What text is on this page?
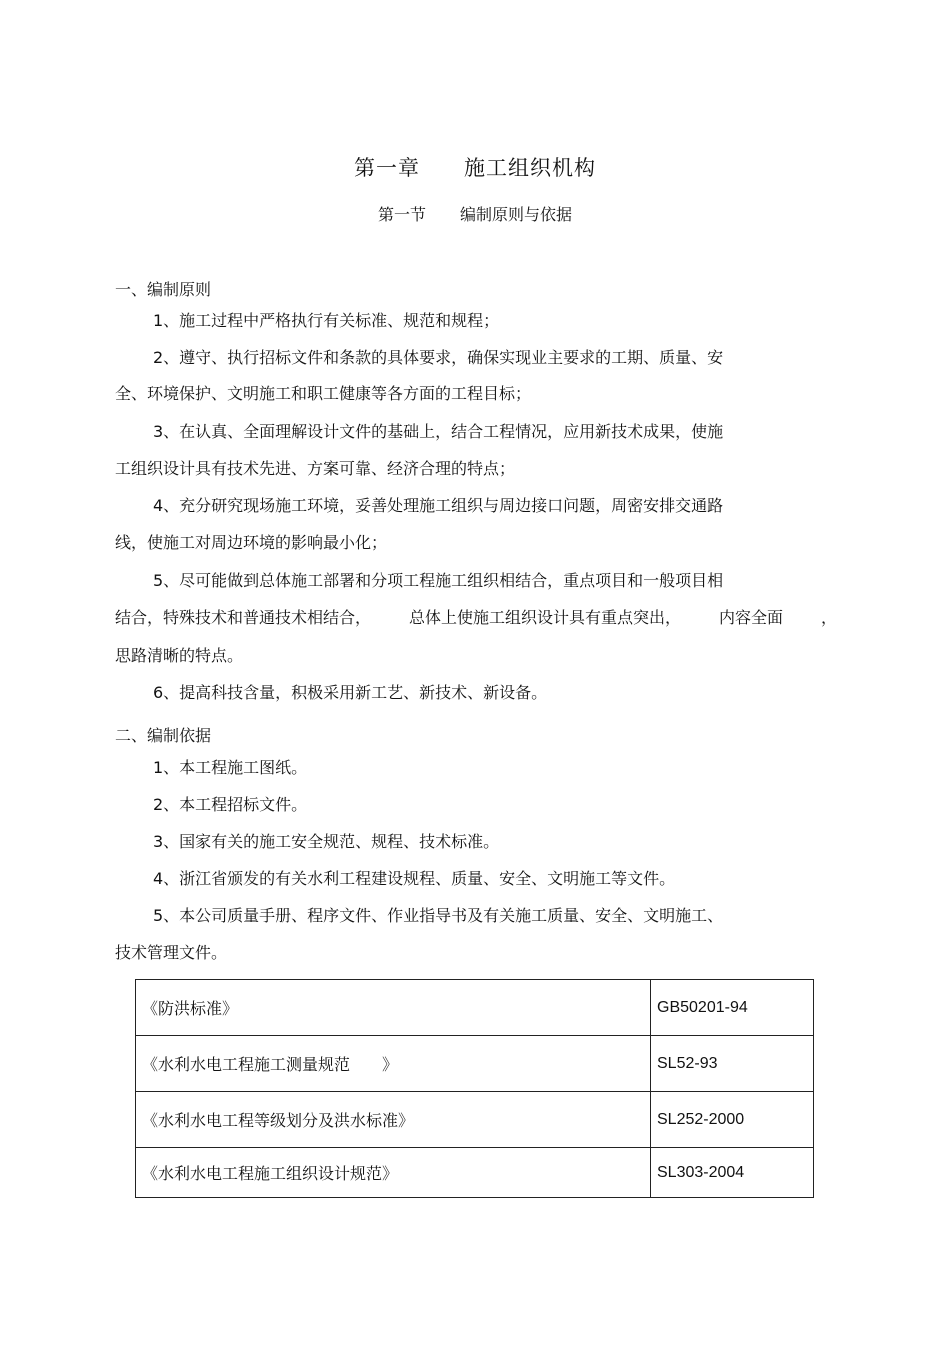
第一章 施工组织机构
第一节 编制原则与依据
一、编制原则
1、施工过程中严格执行有关标准、规范和规程；
2、遵守、执行招标文件和条款的具体要求，确保实现业主要求的工期、质量、安
全、环境保护、文明施工和职工健康等各方面的工程目标；
3、在认真、全面理解设计文件的基础上，结合工程情况，应用新技术成果，使施
工组织设计具有技术先进、方案可靠、经济合理的特点；
4、充分研究现场施工环境，妥善处理施工组织与周边接口问题，周密安排交通路
线，使施工对周边环境的影响最小化；
5、尽可能做到总体施工部署和分项工程施工组织相结合，重点项目和一般项目相
结合，特殊技术和普通技术相结合， 总体上使施工组织设计具有重点突出， 内容全面 ，
思路清晰的特点。
6、提高科技含量，积极采用新工艺、新技术、新设备。
二、编制依据
1、本工程施工图纸。
2、本工程招标文件。
3、国家有关的施工安全规范、规程、技术标准。
4、浙江省颁发的有关水利工程建设规程、质量、安全、文明施工等文件。
5、本公司质量手册、程序文件、作业指导书及有关施工质量、安全、文明施工、
技术管理文件。
《防洪标准》	GB50201-94
《水利水电工程施工测量规范　　》	SL52-93
《水利水电工程等级划分及洪水标准》	SL252-2000
《水利水电工程施工组织设计规范》	SL303-2004
